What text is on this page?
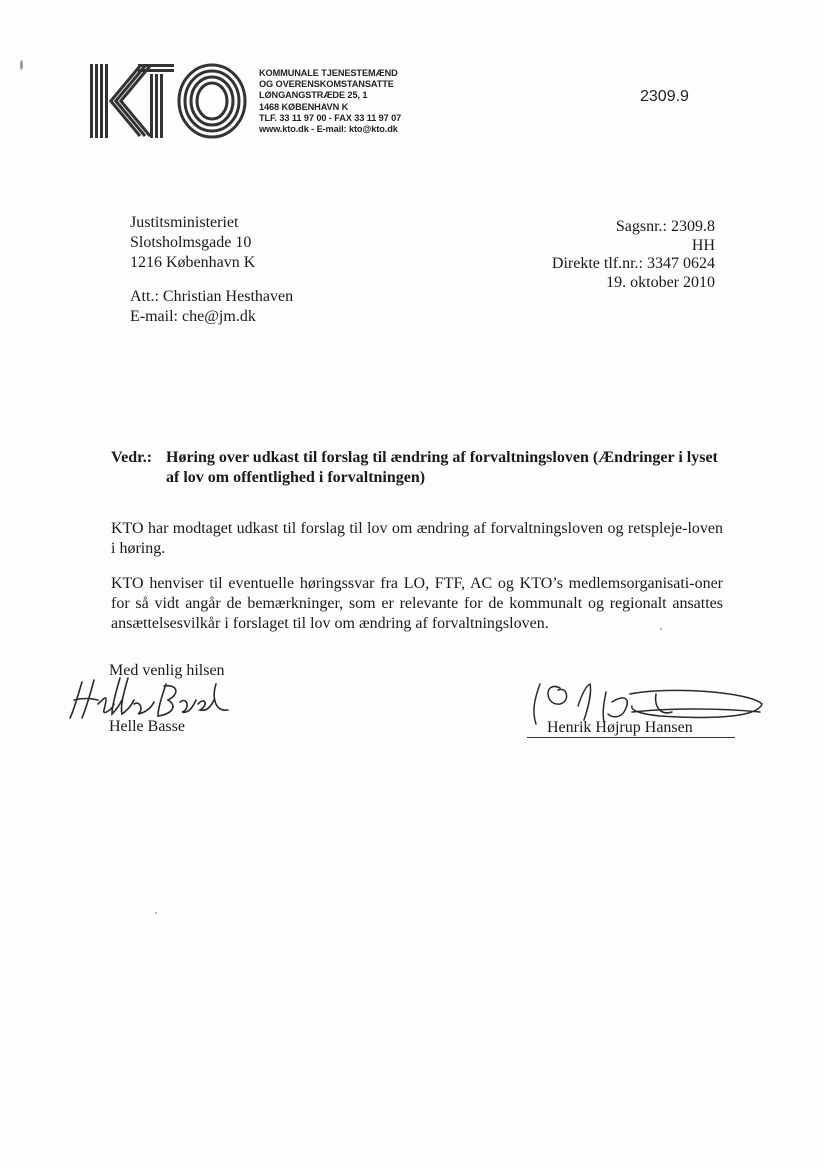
KOMMUNALE TJENESTEMÆND
OG OVERENSKOMSTANSATTE
LØNGANGSTRÆDE 25, 1
1468 KØBENHAVN K
TLF. 33 11 97 00 - FAX 33 11 97 07
www.kto.dk - E-mail: kto@kto.dk
2309.9
Justitsministeriet
Slotsholmsgade 10
1216 København K
Att.: Christian Hesthaven
E-mail: che@jm.dk
Sagsnr.: 2309.8
HH
Direkte tlf.nr.: 3347 0624
19. oktober 2010
Vedr.: Høring over udkast til forslag til ændring af forvaltningsloven (Ændringer i lyset af lov om offentlighed i forvaltningen)
KTO har modtaget udkast til forslag til lov om ændring af forvaltningsloven og retspleje-loven i høring.
KTO henviser til eventuelle høringssvar fra LO, FTF, AC og KTO’s medlemsorganisati-oner for så vidt angår de bemærkninger, som er relevante for de kommunalt og regionalt ansattes ansættelsesvilkår i forslaget til lov om ændring af forvaltningsloven.
Med venlig hilsen
Helle Basse	Henrik Højrup Hansen
